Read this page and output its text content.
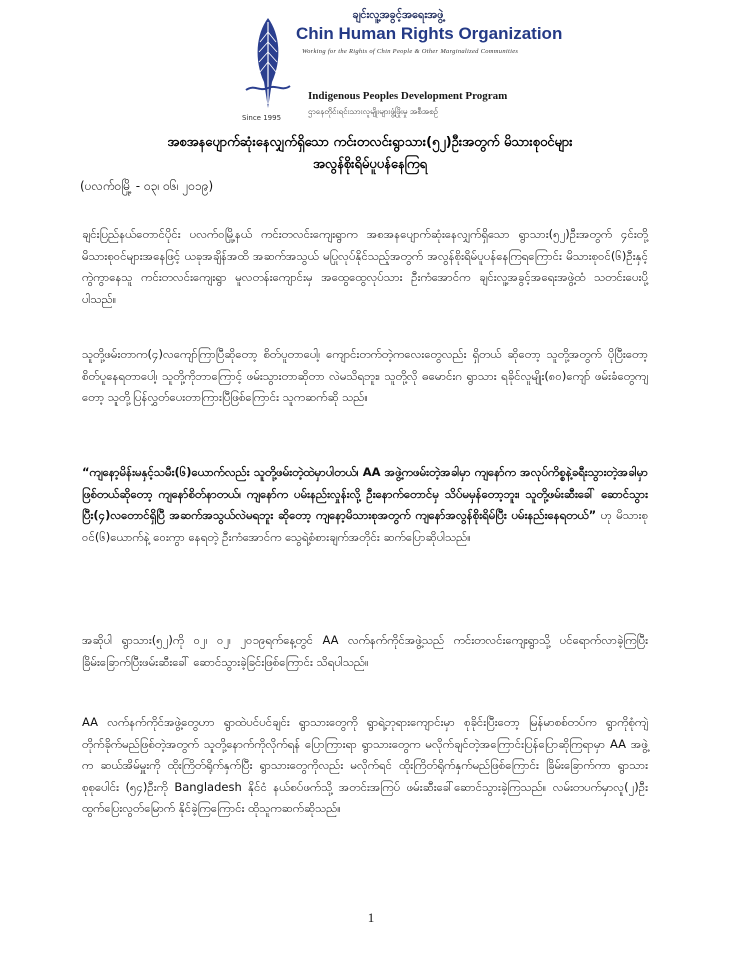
Since 1995
ချင်းလူ့အခွင့်အရေးအဖွဲ့
Chin Human Rights Organization
Working for the Rights of Chin People & Other Marginalized Communities
Indigenous Peoples Development Program
ဌာနေတိုင်းရင်းသားလူမျိုးများဖွံ့ဖြိုးမှု အစီအစဉ်
အစအနပျောက်ဆုံးနေလျှက်ရှိသော ကင်းတလင်းရွာသား(၅၂)ဦးအတွက် မိသားစုဝင်များ
အလွန်စိုးရိမ်ပူပန်နေကြရ
(ပလက်ဝမြို့ - ၀၃၊ ၀၆၊ ၂၀၁၉)

ချင်းပြည်နယ်တောင်ပိုင်း ပလက်ဝမြို့နယ် ကင်းတလင်းကျေးရွာက အစအနပျောက်ဆုံးနေလျှက်ရှိသော ရွာသား(၅၂)ဦးအတွက် ၄င်းတို့မိသားစုဝင်များအနေဖြင့် ယခုအချိန်အထိ အဆက်အသွယ် မပြုလုပ်နိုင်သည့်အတွက် အလွန်စိုးရိမ်ပူပန်နေကြရကြောင်း မိသားစုဝင်(၆)ဦးနှင့် ကွဲကွာနေသူ ကင်းတလင်းကျေးရွာ မူလတန်းကျောင်းမှ အထွေထွေလုပ်သား ဦးကံအောင်က ချင်းလူ့အခွင့်အရေးအဖွဲ့ထံ သတင်းပေးပို့ပါသည်။

သူတို့ဖမ်းတာက(၄)လကျော်ကြာပြီဆိုတော့ စိတ်ပူတာပေါ့၊ ကျောင်းတက်တဲ့ကလေးတွေလည်း ရှိတယ် ဆိုတော့ သူတို့အတွက် ပိုပြီးတော့စိတ်ပူနေရတာပေါ့၊ သူတို့ကိုဘာကြောင့် ဖမ်းသွားတာဆိုတာ လဲမသိရဘူး၊ သူတို့လို ဓမောင်းဂ ရွာသား ရခိုင်လူမျိုး(၈၀)ကျော် ဖမ်းခံတွေကျတော့ သူတို့ပြန်လွှတ်ပေးတာကြားပြီဖြစ်ကြောင်း သူကဆက်ဆို သည်။

“ကျနော့မိန်းမနှင့်သမီး(၆)ယောက်လည်း သူတို့ဖမ်းတဲ့ထဲမှာပါတယ်၊ AA အဖွဲ့ကဖမ်းတဲ့အခါမှာ ကျနော်က အလုပ်ကိစ္စနဲ့ခရီးသွားတဲ့အခါမှာဖြစ်တယ်ဆိုတော့ ကျနော်စိတ်နာတယ်၊ ကျနော်က ပမ်းနည်းလှုန်းလို့ ဦးနောက်တောင်မှ သိပ်မမှန်တော့ဘူး၊ သူတို့ဖမ်းဆီးခေါ် ဆောင်သွားပြီး(၄)လတောင်ရှိပြီ အဆက်အသွယ်လဲမရဘူး ဆိုတော့ ကျနော့မိသားစုအတွက် ကျနော်အလွန်စိုးရိမ်ပြီး ပမ်းနည်းနေရတယ်” ဟု မိသားစုဝင်(၆)ယောက်နဲ့ ဝေးကွာ နေရတဲ့ ဦးကံအောင်က သွေရဲ့စံစားချက်အတိုင်း ဆက်ပြောဆိုပါသည်။

အဆိုပါ ရွာသား(၅၂)ကို ၀၂၊ ၀၂၊ ၂၀၁၉ရက်နေ့တွင် AA လက်နက်ကိုင်အဖွဲ့သည် ကင်းတလင်းကျေးရွာသို့ ပင်ရောက်လာခဲ့ကြပြီး ခြိမ်းခြောက်ပြီးဖမ်းဆီးခေါ် ဆောင်သွားခဲ့ခြင်းဖြစ်ကြောင်း သိရပါသည်။

AA လက်နက်ကိုင်အဖွဲ့တွေဟာ ရွာထဲပင်ပင်ချင်း ရွာသားတွေကို ရွာရဲ့ဘုရားကျောင်းမှာ စုခိုင်းပြီးတော့ မြန်မာစစ်တပ်က ရွာကိုစုံကျဲတိုက်ခိုက်မည်ဖြစ်တဲ့အတွက် သူတို့နောက်ကိုလိုက်ရန် ပြောကြားရာ ရွာသားတွေက မလိုက်ချင်တဲ့အကြောင်းပြန်ပြောဆိုကြရာမှာ AA အဖွဲ့က ဆယ်အိမ်မှူးကို ထိုးကြိတ်ရိုက်နှက်ပြီး ရွာသားတွေကိုလည်း မလိုက်ရင် ထိုးကြိတ်ရိုက်နှက်မည်ဖြစ်ကြောင်း ခြိမ်းခြောက်ကာ ရွာသားစုစုပေါင်း (၅၄)ဦးကို Bangladesh နိုင်ငံ နယ်စပ်ဖက်သို့ အတင်းအကြပ် ဖမ်းဆီးခေါ်ဆောင်သွားခဲ့ကြသည်။ လမ်းတပက်မှာလူ(၂)ဦး ထွက်ပြေးလွတ်မြောက် နိုင်ခဲ့ကြကြောင်း ထိုသူကဆက်ဆိုသည်။

1
